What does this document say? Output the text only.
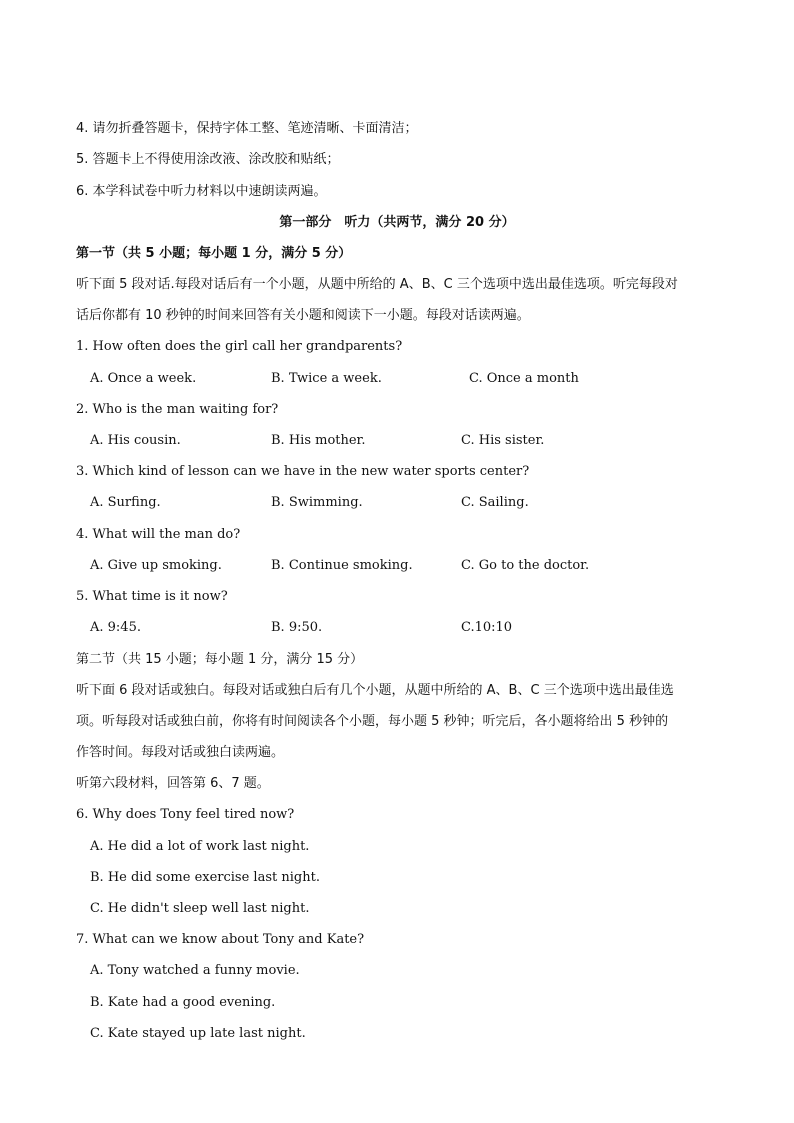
4. 请勿折叠答题卡，保持字体工整、笔迹清晰、卡面清洁；
5. 答题卡上不得使用涂改液、涂改胶和贴纸；
6. 本学科试卷中听力材料以中速朗读两遍。
第一部分　听力（共两节，满分 20 分）
第一节（共 5 小题；每小题 1 分，满分 5 分）
听下面 5 段对话.每段对话后有一个小题，从题中所给的 A、B、C 三个选项中选出最佳选项。听完每段对
话后你都有 10 秒钟的时间来回答有关小题和阅读下一小题。每段对话读两遍。
1. How often does the girl call her grandparents?
A. Once a week.	B. Twice a week.	C. Once a month
2. Who is the man waiting for?
A. His cousin.	B. His mother.	C. His sister.
3. Which kind of lesson can we have in the new water sports center?
A. Surfing.	B. Swimming.	C. Sailing.
4. What will the man do?
A. Give up smoking.	B. Continue smoking.	C. Go to the doctor.
5. What time is it now?
A. 9:45.	B. 9:50.	C.10:10
第二节（共 15 小题；每小题 1 分，满分 15 分）
听下面 6 段对话或独白。每段对话或独白后有几个小题，从题中所给的 A、B、C 三个选项中选出最佳选
项。听每段对话或独白前，你将有时间阅读各个小题，每小题 5 秒钟；听完后，各小题将给出 5 秒钟的
作答时间。每段对话或独白读两遍。
听第六段材料，回答第 6、7 题。
6. Why does Tony feel tired now?
A. He did a lot of work last night.
B. He did some exercise last night.
C. He didn't sleep well last night.
7. What can we know about Tony and Kate?
A. Tony watched a funny movie.
B. Kate had a good evening.
C. Kate stayed up late last night.
